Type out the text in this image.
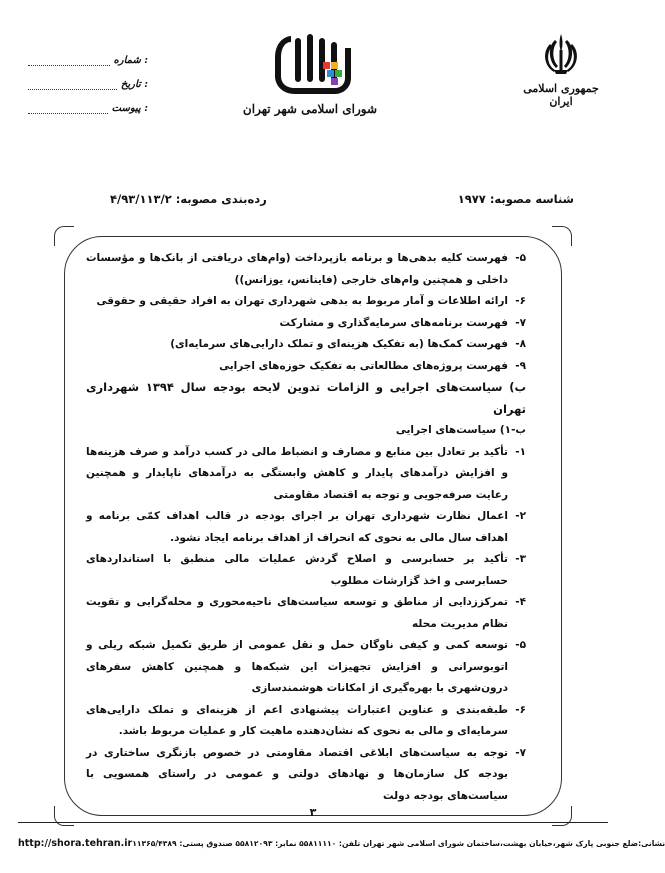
جمهوری اسلامی ایران
شورای اسلامی شهر تهران
: شماره
: تاریخ
: پیوست
شناسه مصوبه: ۱۹۷۷
رده‌بندی مصوبه: ۴/۹۳/۱۱۳/۲
۵-
فهرست کلیه بدهی‌ها و برنامه بازپرداخت (وام‌های دریافتی از بانک‌ها و مؤسسات داخلی و همچنین وام‌های خارجی (فاینانس، یوزانس))
۶-
ارائه اطلاعات و آمار مربوط به بدهی شهرداری تهران به افراد حقیقی و حقوقی
۷-
فهرست برنامه‌های سرمایه‌گذاری و مشارکت
۸-
فهرست کمک‌ها (به تفکیک هزینه‌ای و تملک دارایی‌های سرمایه‌ای)
۹-
فهرست پروژه‌های مطالعاتی به تفکیک حوزه‌های اجرایی

ب) سیاست‌های اجرایی و الزامات تدوین لایحه بودجه سال ۱۳۹۴ شهرداری تهران

ب-۱) سیاست‌های اجرایی

۱-
تأکید بر تعادل بین منابع و مصارف و انضباط مالی در کسب درآمد و صرف هزینه‌ها و افزایش درآمدهای پایدار و کاهش وابستگی به درآمدهای ناپایدار و همچنین رعایت صرفه‌جویی و توجه به اقتصاد مقاومتی
۲-
اعمال نظارت شهرداری تهران بر اجرای بودجه در قالب اهداف کمّی برنامه و اهداف سال مالی به نحوی که انحراف از اهداف برنامه ایجاد نشود.
۳-
تأکید بر حسابرسی و اصلاح گردش عملیات مالی منطبق با استانداردهای حسابرسی و اخذ گزارشات مطلوب
۴-
تمرکززدایی از مناطق و توسعه سیاست‌های ناحیه‌محوری و محله‌گرایی و تقویت نظام مدیریت محله
۵-
توسعه کمی و کیفی ناوگان حمل و نقل عمومی از طریق تکمیل شبکه ریلی و اتوبوسرانی و افزایش تجهیزات این شبکه‌ها و همچنین کاهش سفرهای درون‌شهری با بهره‌گیری از امکانات هوشمندسازی
۶-
طبقه‌بندی و عناوین اعتبارات پیشنهادی اعم از هزینه‌ای و تملک دارایی‌های سرمایه‌ای و مالی به نحوی که نشان‌دهنده ماهیت کار و عملیات مربوط باشد.
۷-
توجه به سیاست‌های ابلاغی اقتصاد مقاومتی در خصوص بازنگری ساختاری در بودجه کل سازمان‌ها و نهادهای دولتی و عمومی در راستای همسویی با سیاست‌های بودجه دولت
۳
http://shora.tehran.ir نشانی:ضلع جنوبی پارک شهر،خیابان بهشت،ساختمان شورای اسلامی شهر تهران تلفن: ۵۵۸۱۱۱۱۰ نمابر: ۵۵۸۱۲۰۹۳ صندوق پستی: ۱۱۳۶۵/۴۳۸۹
